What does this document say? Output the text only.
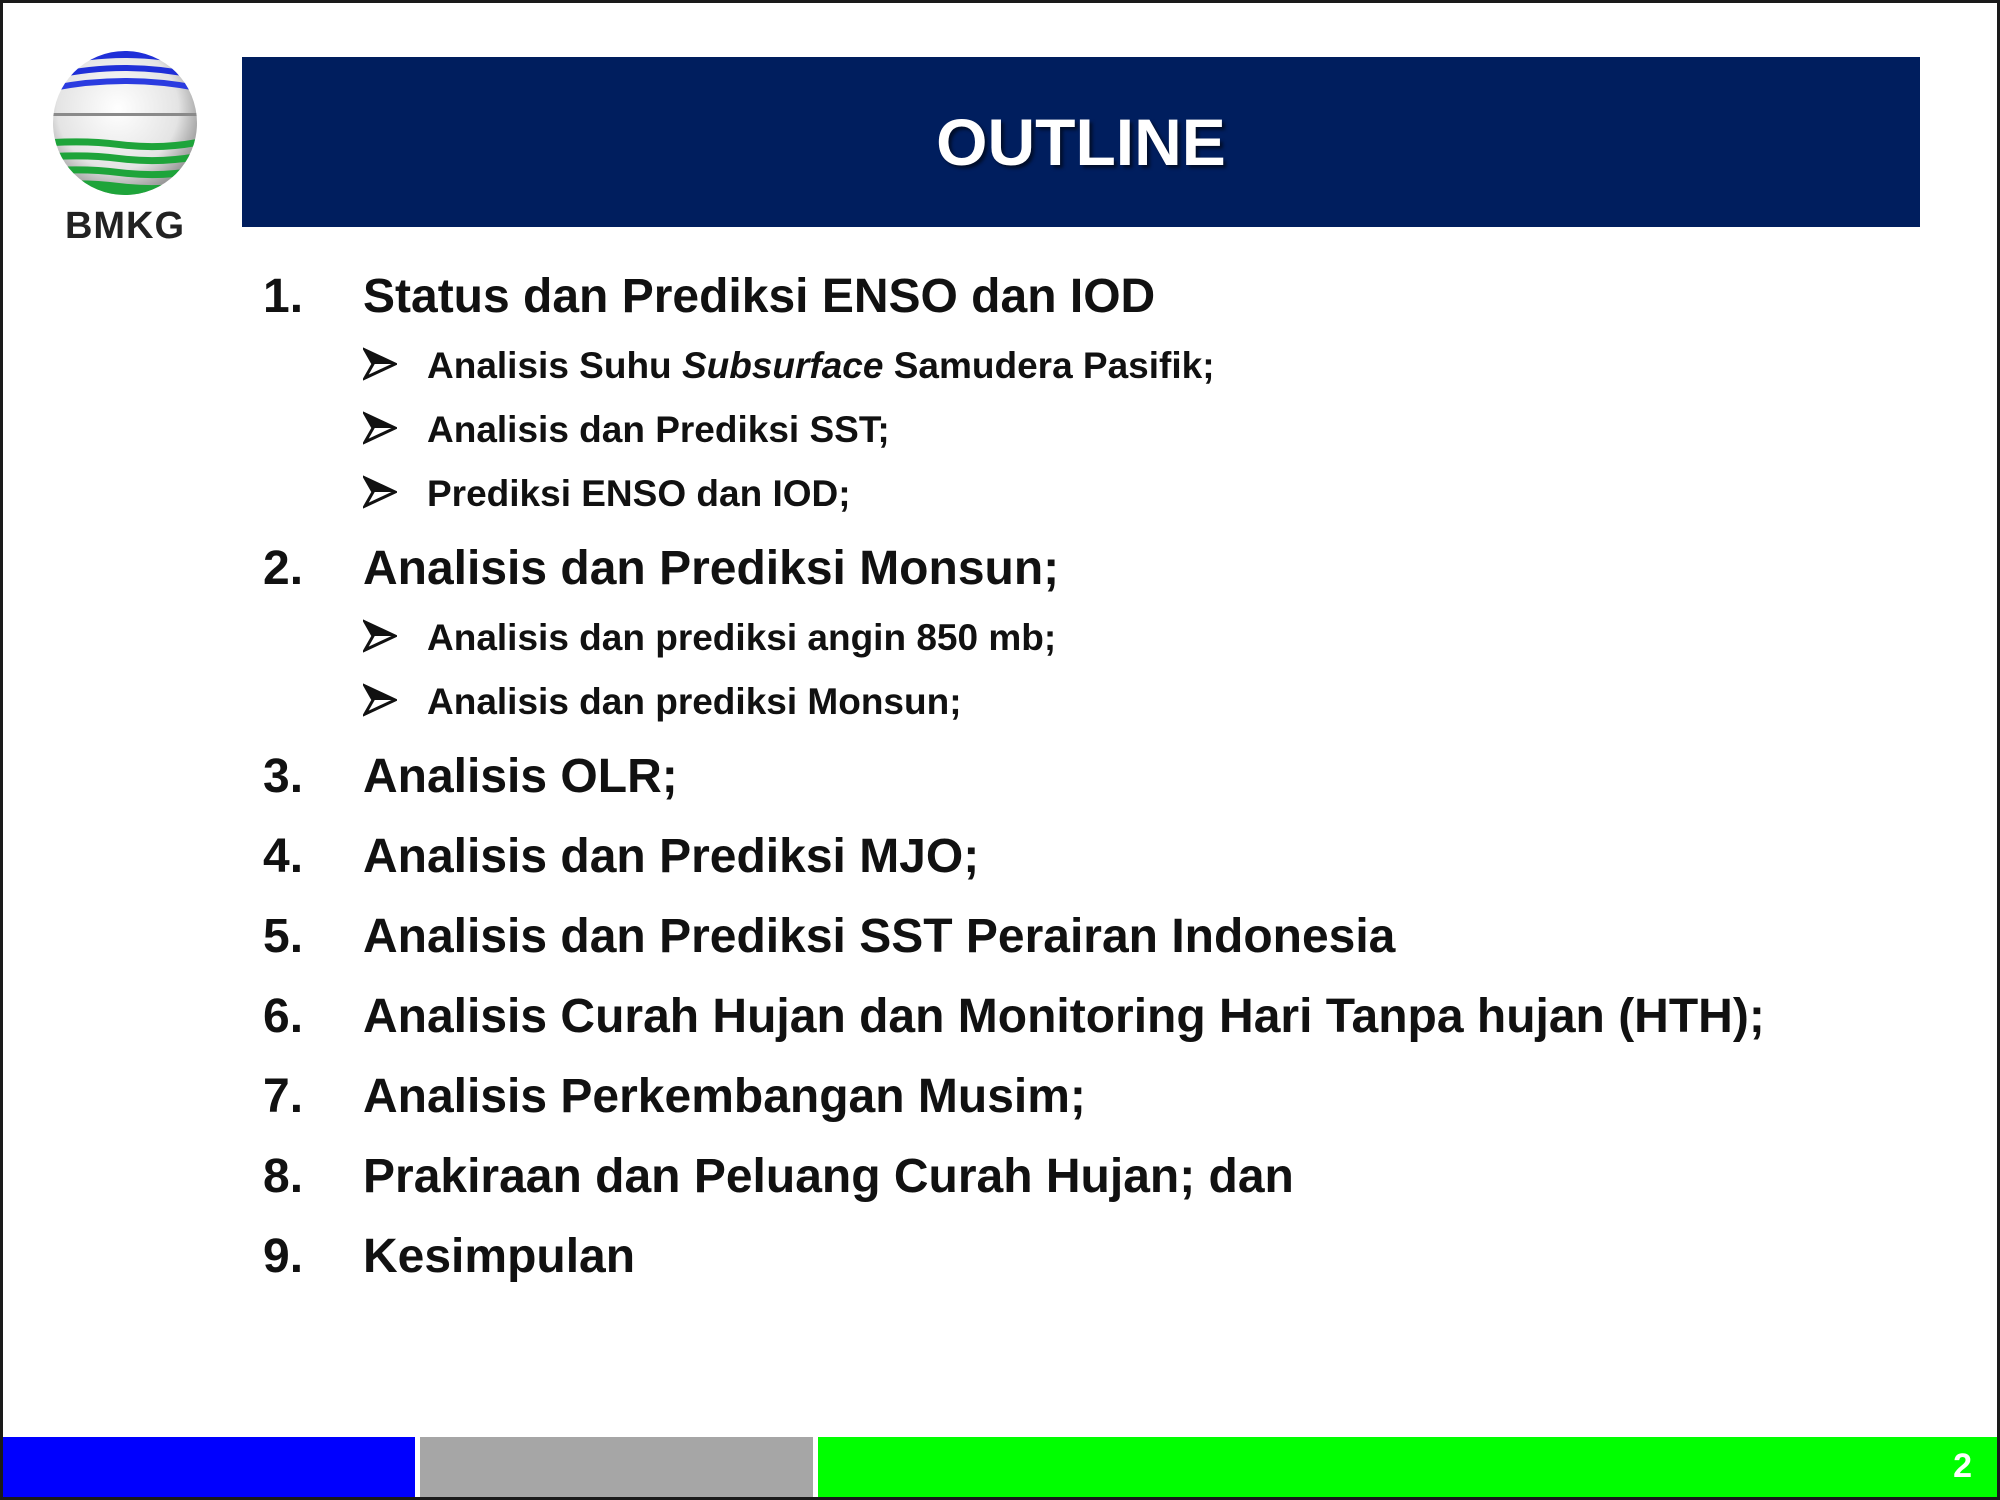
BMKG
OUTLINE
1.	Status dan Prediksi ENSO dan IOD
Analisis Suhu Subsurface Samudera Pasifik;
Analisis dan Prediksi SST;
Prediksi ENSO dan IOD;
2.	Analisis dan Prediksi Monsun;
Analisis dan prediksi angin 850 mb;
Analisis dan prediksi Monsun;
3.	Analisis OLR;
4.	Analisis dan Prediksi MJO;
5.	Analisis dan Prediksi SST Perairan Indonesia
6.	Analisis Curah Hujan dan Monitoring Hari Tanpa hujan (HTH);
7.	Analisis Perkembangan Musim;
8.	Prakiraan dan Peluang Curah Hujan; dan
9.	Kesimpulan
2
